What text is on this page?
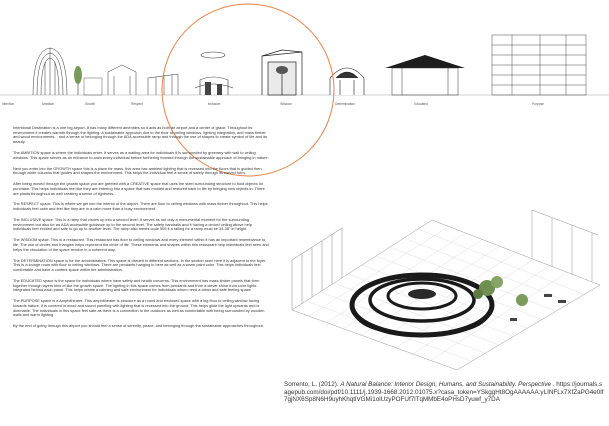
Intention	Ambition	Growth	Respect	Inclusive	Wisdom	Determination	Educated	Purpose

Intentional Destination is a one big airport. It has many different amenities so it acts as both an airport and a center of grace. Throughout its environment it creates warmth through the lighting. A sustainable approach due to the floor to ceiling windows, lighting integration, and mass timber and wood environments, , and a sense of belonging through the ADA accessible ramp and through the use of shapes to create symbol of life and its beauty.

The AMBITION space is where the individuals enter. It serves as a waiting area for individuals it is surrounded by greenery with wall to ceiling windows. This space serves as an entrance to calm every individual before furthering forward through the sustainable approach of bringing in nature.

Next you enter into the GROWTH space this is a place for mass, this area has ambient lighting that is recessed into the floors that is guided then through white columns that guides and shapes the environment. This helps the individual feel a sense of safety through its curved form.

After being moved through the growth space you are greeted with a CREATIVE space that uses the steel surrounding structure to hold objects for purchase. This helps individuals feel like they are entering into a space that was molded and restored back to life by bringing new objects in. There are plants throughout as well creating a sense of lightness.

The RESPECT space. This is where we get into the interior of the airport. There are floor to ceiling windows with mass timber throughout. This helps individuals feel calm and feel like they are in a calm more than a busy environment.

The INCLUSIVE space. This is a ramp that circles up into a second level. It serves as not only a monumental moment for the surrounding environment but also for an ADA accessible guidance up to the second level. The safety handrails and it having a circled ceiling above help individuals feel excited and safe to go up to another level. The ramp also meets code 505 it a railing for a ramp must be 34-38" in height.

The WISDOM space. This is a restaurant. This restaurant has floor to ceiling windows and every element within it has an important resemblance to life. The use of circles and triangles helps represent the circle of life. These elements and shapes within this restaurant help individuals feel seen and helps the circulation of the space revolve in a coherent way.

The DETERMINATION space is for the administrators. This space is divided in different sections. In the section seen here it is adjacent to the foyer. This is a lounge room with floor to ceiling windows. There are pendants hanging in here as well as a warm paint color. This helps individuals feel comfortable and have a content space within the administration.

The EDUCATED space is the space for individuals where have safety and health concerns. This environment has mass timber panels that form together through layers kind of like the growth space. The lighting in this space comes from pendants and from a clever shine from cove lights integrated behind each panel. This helps create a calming and safe environment for individuals whom need a clean and safe feeling space

The PURPOSE space is a Amphitheatre. This amphitheater is structure as a round and enclosed space with a big floor to ceiling window facing towards nature. It is covered in wood and sound paneling with lighting that is recessed into the ground. This helps glide the light upwards and is dimmable. The individuals in this space feel safe as there is a connection to the outdoors as well as comfortable with being surrounded by wooden walls and warm lighting.

By the end of going through this airport you should feel a sense of serenity, peace, and belonging through the sustainable approaches throughout.

Sorrento, L. (2012). A Natural Balance: Interior Design, Humans, and Sustainability. Perspective . https://journals.sagepub.com/doi/pdf/10.1111/j.1939-1668.2012.01075.x?casa_token=YSkggHt8OgAAAAAA:yLINFLx7XfZaPG4e0lf7gjNX6Sp8N6H9uyhKhqtlVGMi1olUzyPOFUf7lTqMMbE4oPHsD7yuwf_y7DA
